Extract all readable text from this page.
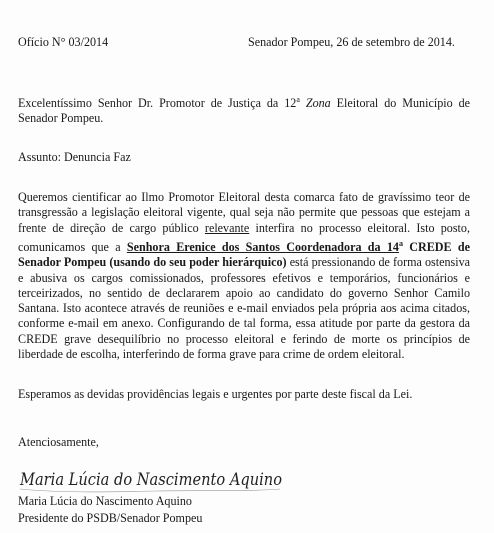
Ofício N° 03/2014	Senador Pompeu, 26 de setembro de 2014.
Excelentíssimo Senhor Dr. Promotor de Justiça da 12$^a$ Zona Eleitoral do Município de Senador Pompeu.
Assunto: Denuncia Faz
Queremos cientificar ao Ilmo Promotor Eleitoral desta comarca fato de gravíssimo teor de transgressão a legislação eleitoral vigente, qual seja não permite que pessoas que estejam a frente de direção de cargo público relevante interfira no processo eleitoral. Isto posto, comunicamos que a Senhora Erenice dos Santos Coordenadora da 14$^a$ CREDE de Senador Pompeu (usando do seu poder hierárquico) está pressionando de forma ostensiva e abusiva os cargos comissionados, professores efetivos e temporários, funcionários e terceirizados, no sentido de declararem apoio ao candidato do governo Senhor Camilo Santana. Isto acontece através de reuniões e e-mail enviados pela própria aos acima citados, conforme e-mail em anexo. Configurando de tal forma, essa atitude por parte da gestora da CREDE grave desequilíbrio no processo eleitoral e ferindo de morte os princípios de liberdade de escolha, interferindo de forma grave para crime de ordem eleitoral.
Esperamos as devidas providências legais e urgentes por parte deste fiscal da Lei.
Atenciosamente,
Maria Lúcia do Nascimento Aquino
Maria Lúcia do Nascimento Aquino
Presidente do PSDB/Senador Pompeu
